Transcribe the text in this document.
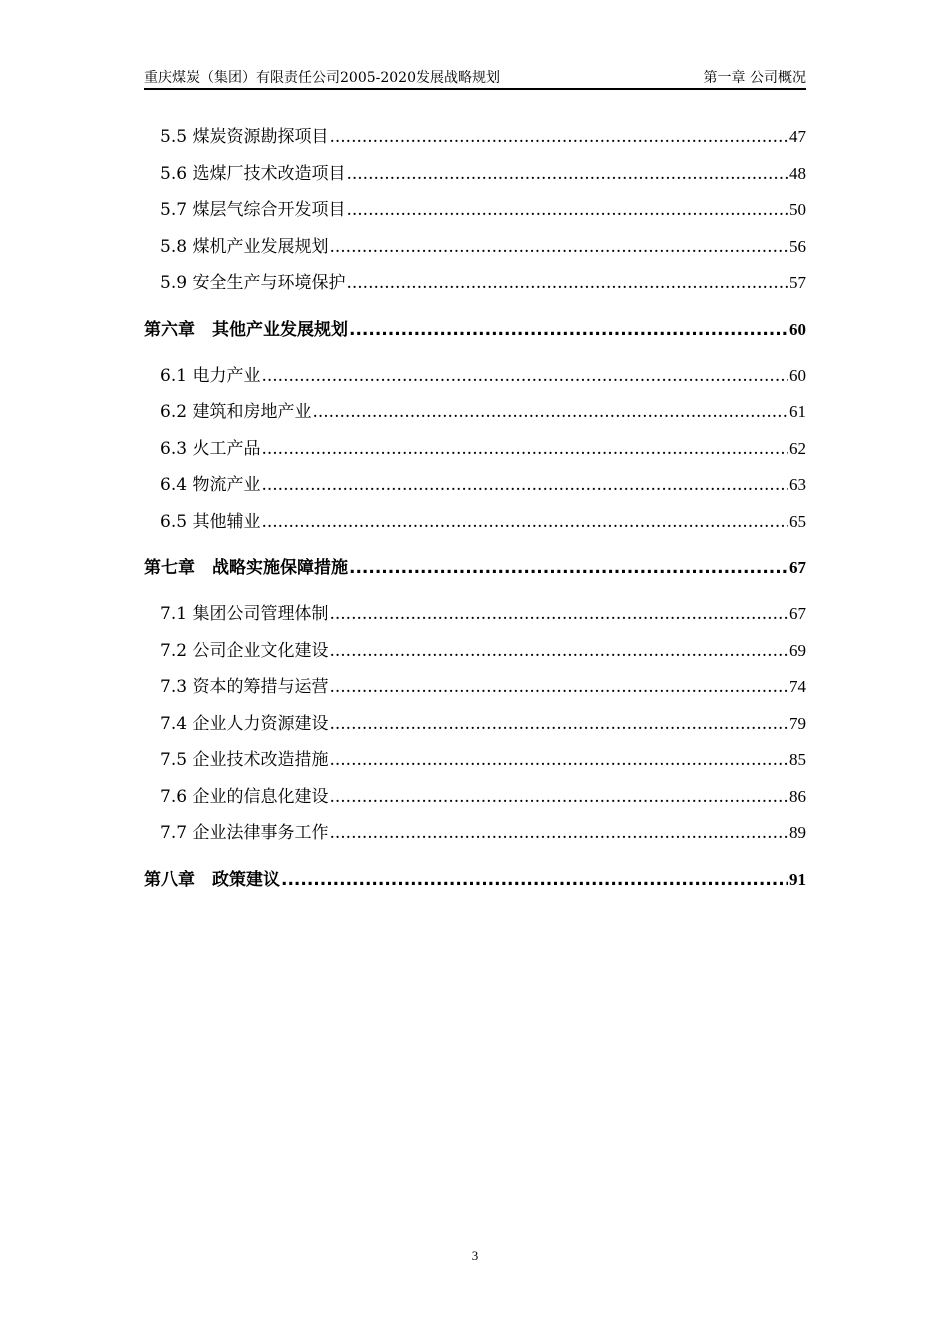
重庆煤炭（集团）有限责任公司2005-2020发展战略规划	第一章 公司概况
5.5 煤炭资源勘探项目 .....	47
5.6 选煤厂技术改造项目 .....	48
5.7 煤层气综合开发项目 .....	50
5.8 煤机产业发展规划 .....	56
5.9 安全生产与环境保护 .....	57
第六章　其他产业发展规划 .....	60
6.1 电力产业 .....	60
6.2 建筑和房地产业 .....	61
6.3 火工产品 .....	62
6.4 物流产业 .....	63
6.5 其他辅业 .....	65
第七章　战略实施保障措施 .....	67
7.1 集团公司管理体制 .....	67
7.2 公司企业文化建设 .....	69
7.3 资本的筹措与运营 .....	74
7.4 企业人力资源建设 .....	79
7.5 企业技术改造措施 .....	85
7.6 企业的信息化建设 .....	86
7.7 企业法律事务工作 .....	89
第八章　政策建议 .....	91
3
